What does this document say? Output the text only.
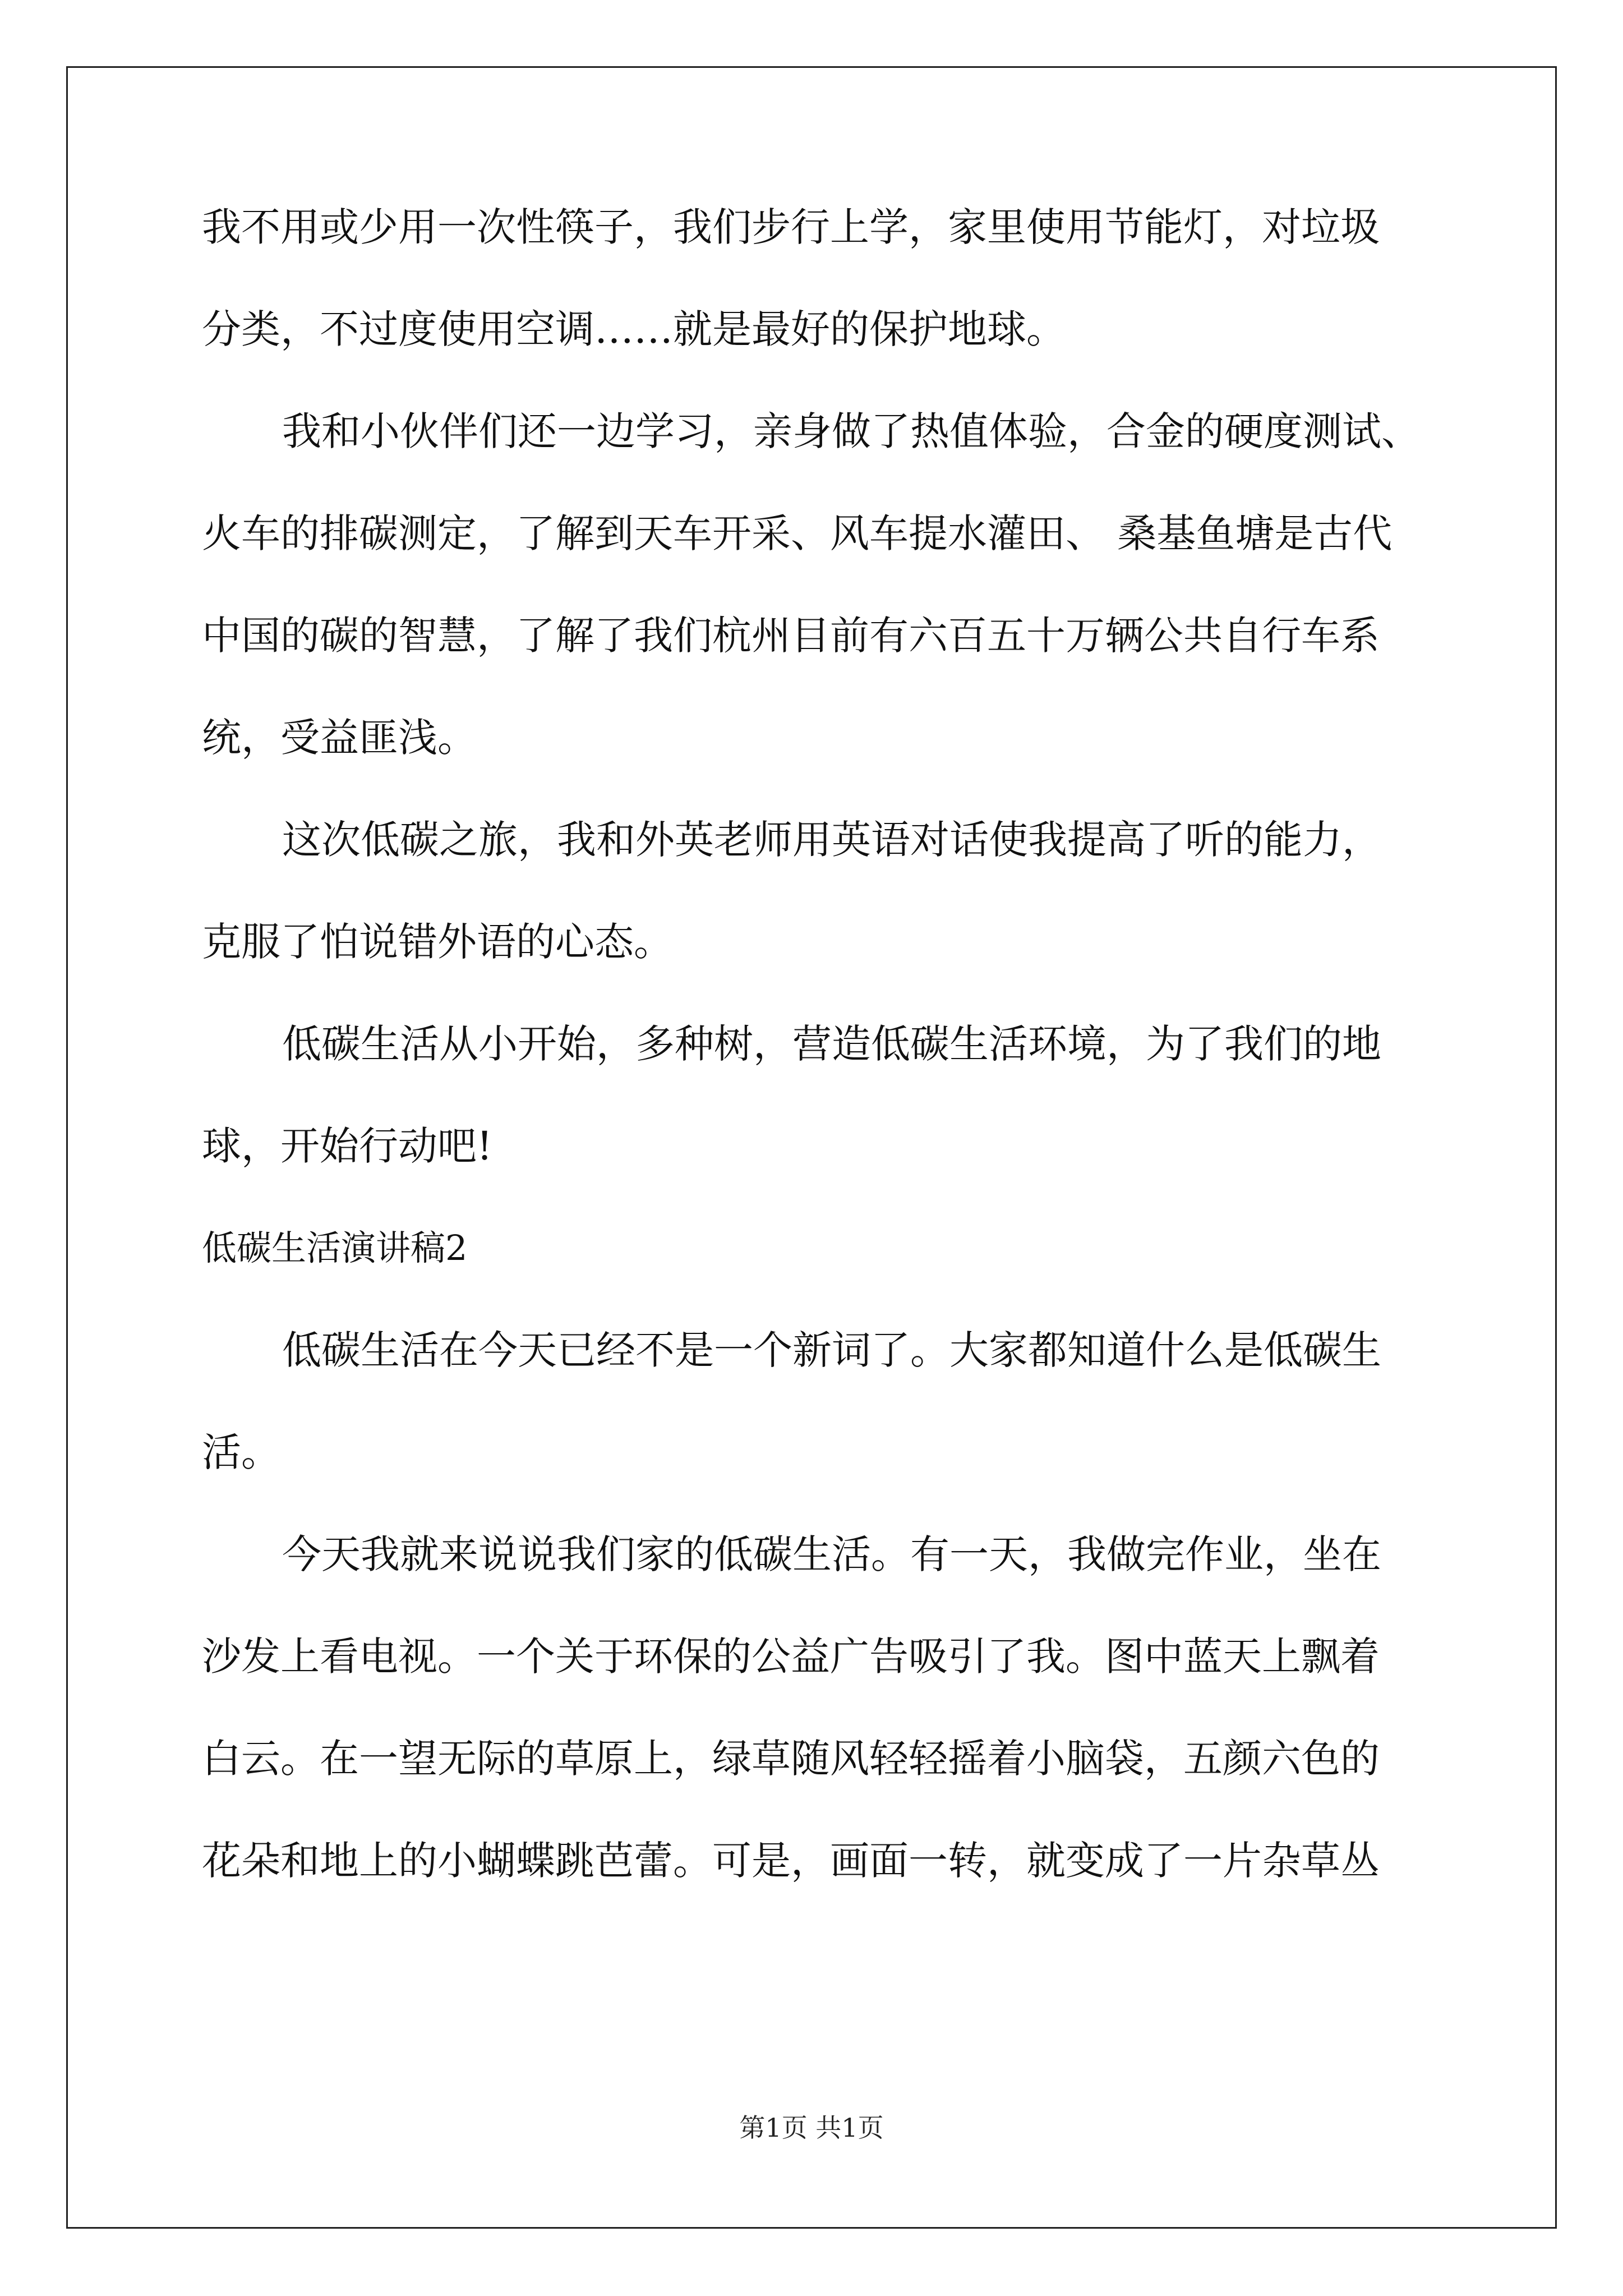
我不用或少用一次性筷子，我们步行上学，家里使用节能灯，对垃圾
分类，不过度使用空调……就是最好的保护地球。
我和小伙伴们还一边学习，亲身做了热值体验，合金的硬度测试、
火车的排碳测定，了解到天车开采、风车提水灌田、 桑基鱼塘是古代
中国的碳的智慧，了解了我们杭州目前有六百五十万辆公共自行车系
统，受益匪浅。
这次低碳之旅，我和外英老师用英语对话使我提高了听的能力，
克服了怕说错外语的心态。
低碳生活从小开始，多种树，营造低碳生活环境，为了我们的地
球，开始行动吧!
低碳生活演讲稿2
低碳生活在今天已经不是一个新词了。大家都知道什么是低碳生
活。
今天我就来说说我们家的低碳生活。有一天，我做完作业，坐在
沙发上看电视。一个关于环保的公益广告吸引了我。图中蓝天上飘着
白云。在一望无际的草原上，绿草随风轻轻摇着小脑袋，五颜六色的
花朵和地上的小蝴蝶跳芭蕾。可是，画面一转，就变成了一片杂草丛
第1页 共1页
